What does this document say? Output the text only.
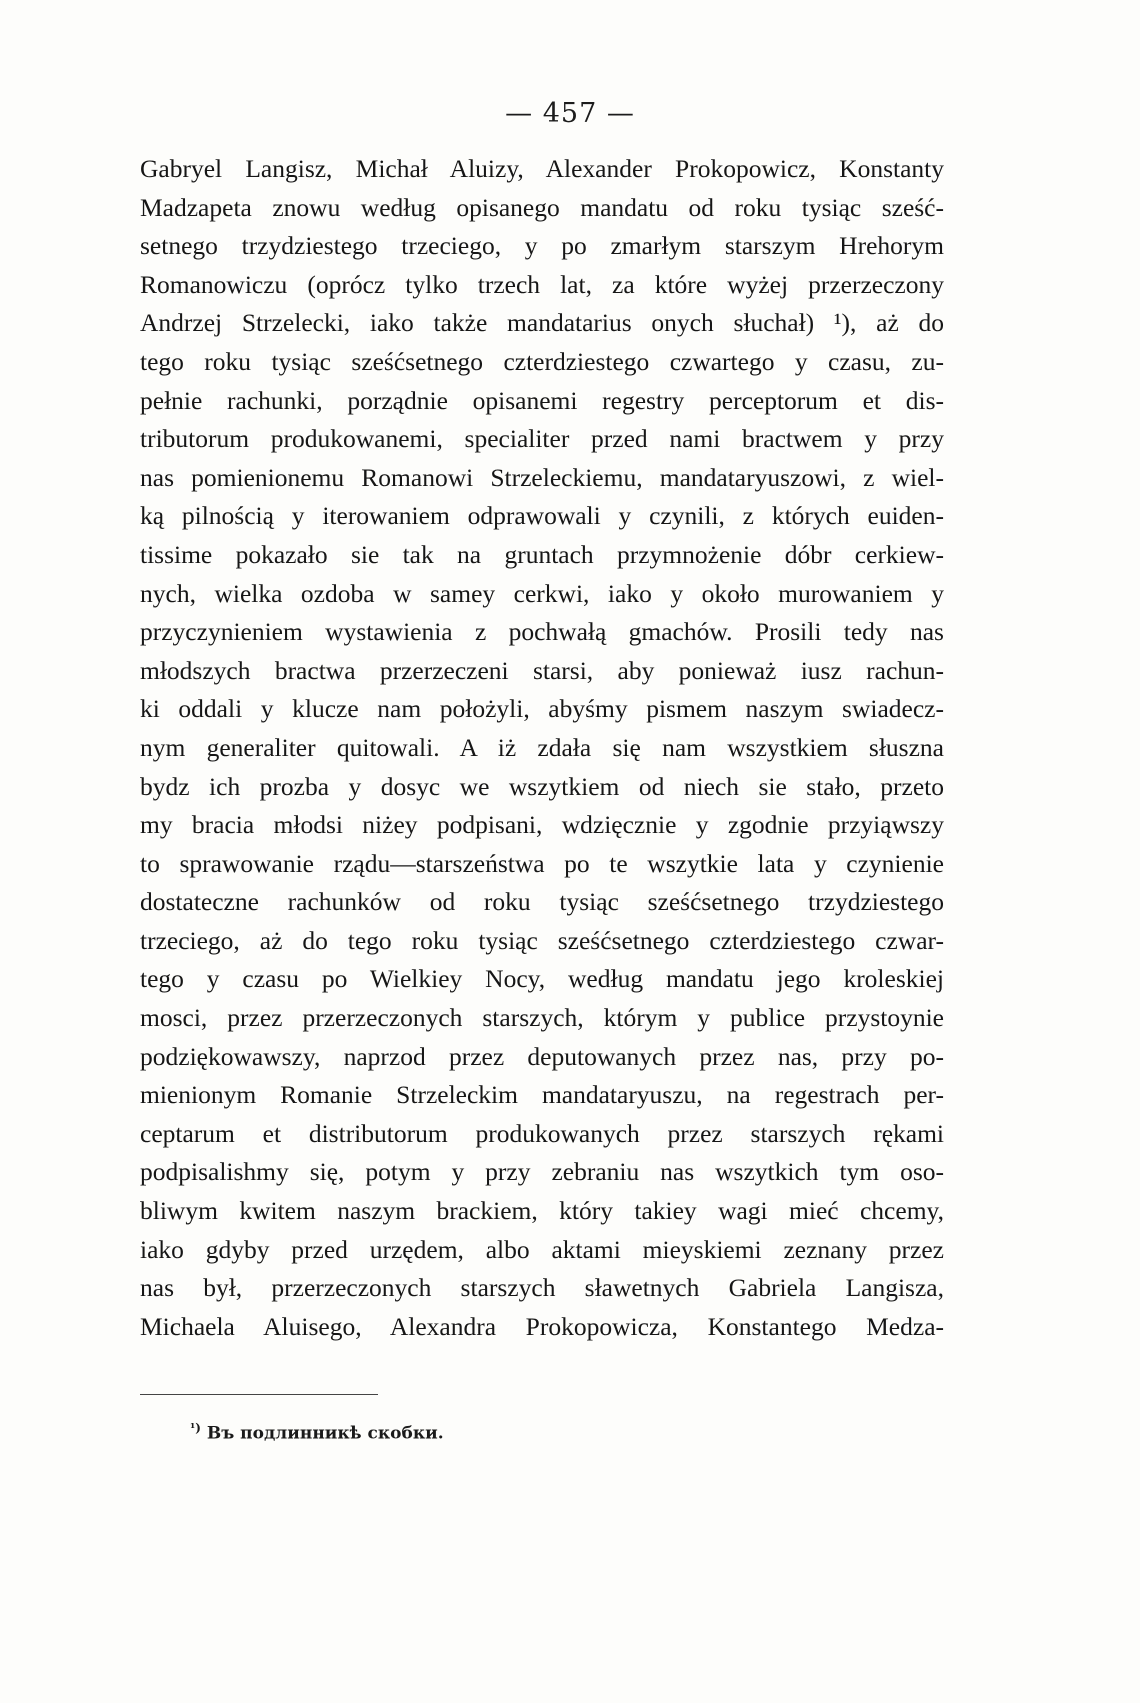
— 457 —
Gabryel Langisz, Michał Aluizy, Alexander Prokopowicz, Konstanty
Madzapeta znowu według opisanego mandatu od roku tysiąc sześć-
setnego trzydziestego trzeciego, y po zmarłym starszym Hrehorym
Romanowiczu (oprócz tylko trzech lat, za które wyżej przerzeczony
Andrzej Strzelecki, iako także mandatarius onych słuchał) ¹), aż do
tego roku tysiąc sześćsetnego czterdziestego czwartego y czasu, zu-
pełnie rachunki, porządnie opisanemi regestry perceptorum et dis-
tributorum produkowanemi, specialiter przed nami bractwem y przy
nas pomienionemu Romanowi Strzeleckiemu, mandataryuszowi, z wiel-
ką pilnością y iterowaniem odprawowali y czynili, z których euiden-
tissime pokazało sie tak na gruntach przymnożenie dóbr cerkiew-
nych, wielka ozdoba w samey cerkwi, iako y około murowaniem y
przyczynieniem wystawienia z pochwałą gmachów. Prosili tedy nas
młodszych bractwa przerzeczeni starsi, aby ponieważ iusz rachun-
ki oddali y klucze nam położyli, abyśmy pismem naszym swiadecz-
nym generaliter quitowali. A iż zdała się nam wszystkiem słuszna
bydz ich prozba y dosyc we wszytkiem od niech sie stało, przeto
my bracia młodsi niżey podpisani, wdzięcznie y zgodnie przyiąwszy
to sprawowanie rządu—starszeństwa po te wszytkie lata y czynienie
dostateczne rachunków od roku tysiąc sześćsetnego trzydziestego
trzeciego, aż do tego roku tysiąc sześćsetnego czterdziestego czwar-
tego y czasu po Wielkiey Nocy, według mandatu jego kroleskiej
mosci, przez przerzeczonych starszych, którym y publice przystoynie
podziękowawszy, naprzod przez deputowanych przez nas, przy po-
mienionym Romanie Strzeleckim mandataryuszu, na regestrach per-
ceptarum et distributorum produkowanych przez starszych rękami
podpisalishmy się, potym y przy zebraniu nas wszytkich tym oso-
bliwym kwitem naszym brackiem, który takiey wagi mieć chcemy,
iako gdyby przed urzędem, albo aktami mieyskiemi zeznany przez
nas był, przerzeczonych starszych sławetnych Gabriela Langisza,
Michaela Aluisego, Alexandra Prokopowicza, Konstantego Medza-
$^{^1)}$ Въ подлинникѣ скобки.
